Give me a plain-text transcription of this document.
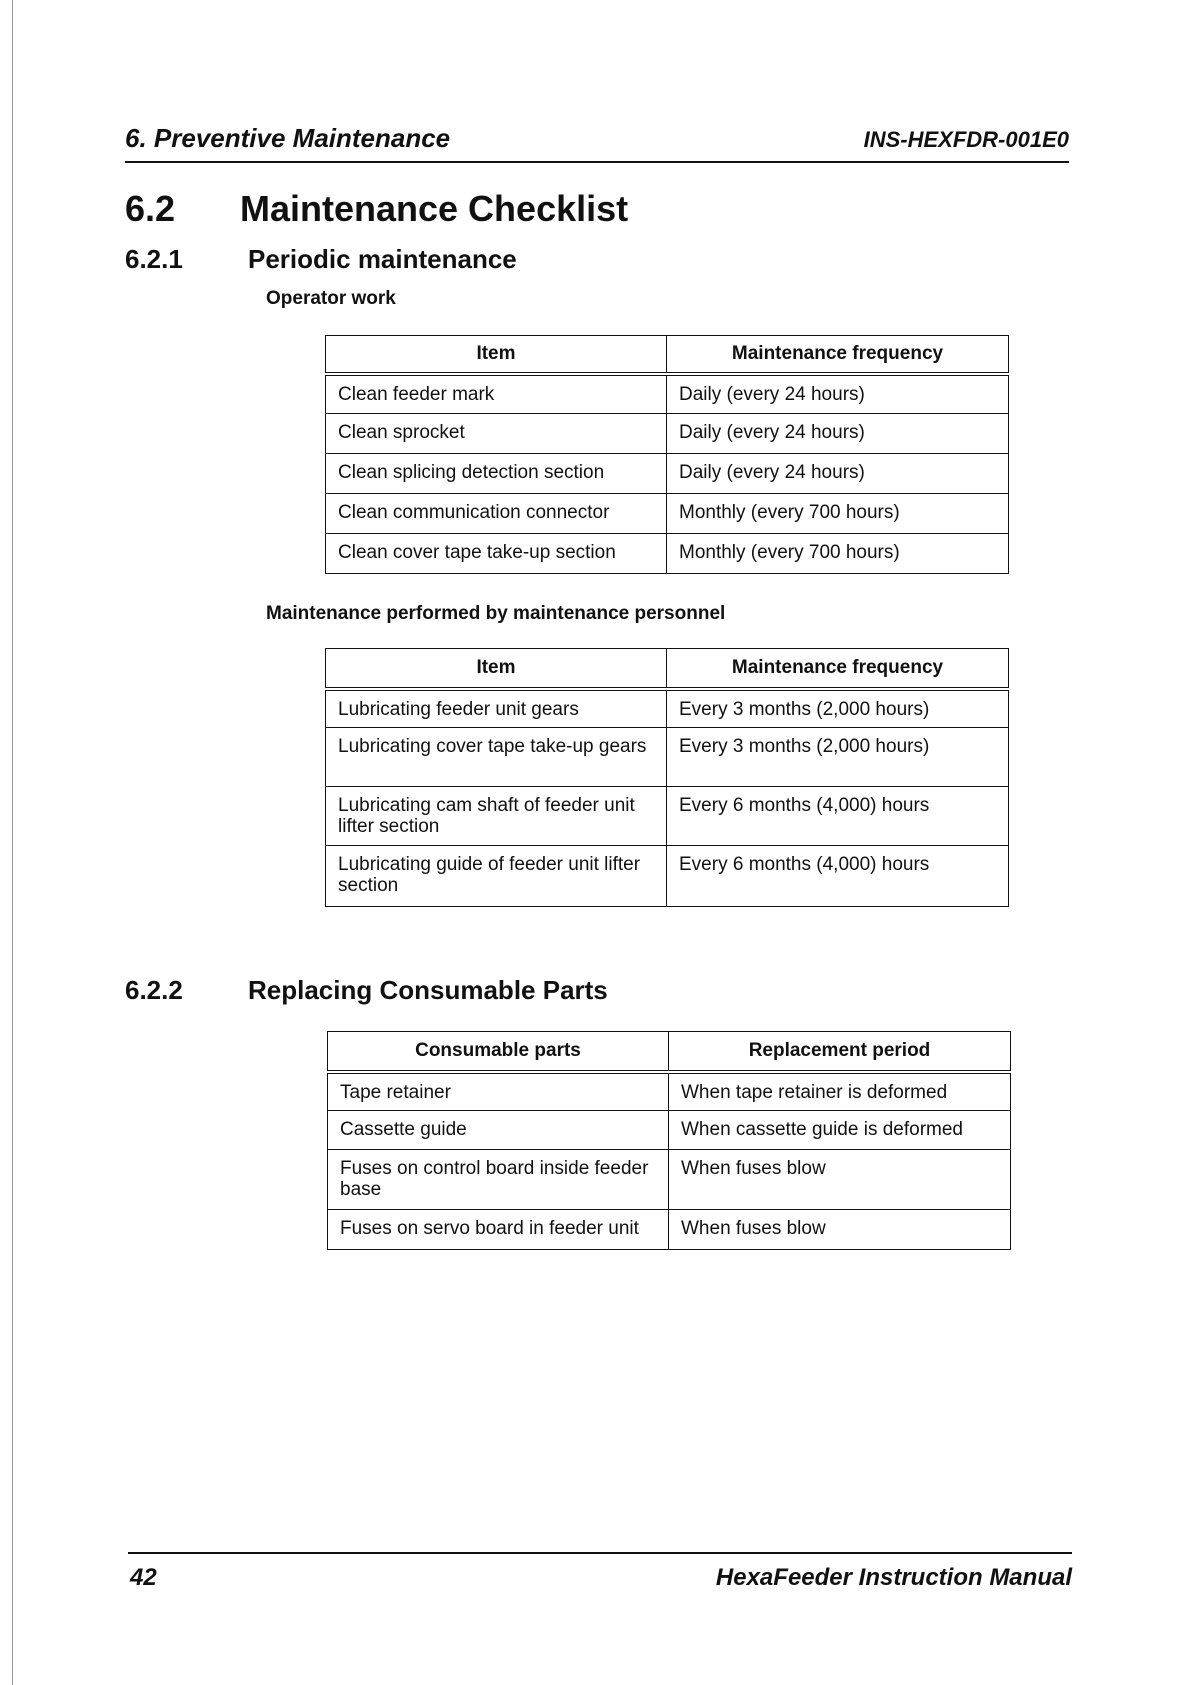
6. Preventive Maintenance	INS-HEXFDR-001E0
6.2 Maintenance Checklist
6.2.1	Periodic maintenance
Operator work
Item	Maintenance frequency
Clean feeder mark	Daily (every 24 hours)
Clean sprocket	Daily (every 24 hours)
Clean splicing detection section	Daily (every 24 hours)
Clean communication connector	Monthly (every 700 hours)
Clean cover tape take-up section	Monthly (every 700 hours)
Maintenance performed by maintenance personnel
Item	Maintenance frequency
Lubricating feeder unit gears	Every 3 months (2,000 hours)
Lubricating cover tape take-up gears	Every 3 months (2,000 hours)
Lubricating cam shaft of feeder unit lifter section	Every 6 months (4,000) hours
Lubricating guide of feeder unit lifter section	Every 6 months (4,000) hours
6.2.2	Replacing Consumable Parts
Consumable parts	Replacement period
Tape retainer	When tape retainer is deformed
Cassette guide	When cassette guide is deformed
Fuses on control board inside feeder base	When fuses blow
Fuses on servo board in feeder unit	When fuses blow
42	HexaFeeder Instruction Manual
